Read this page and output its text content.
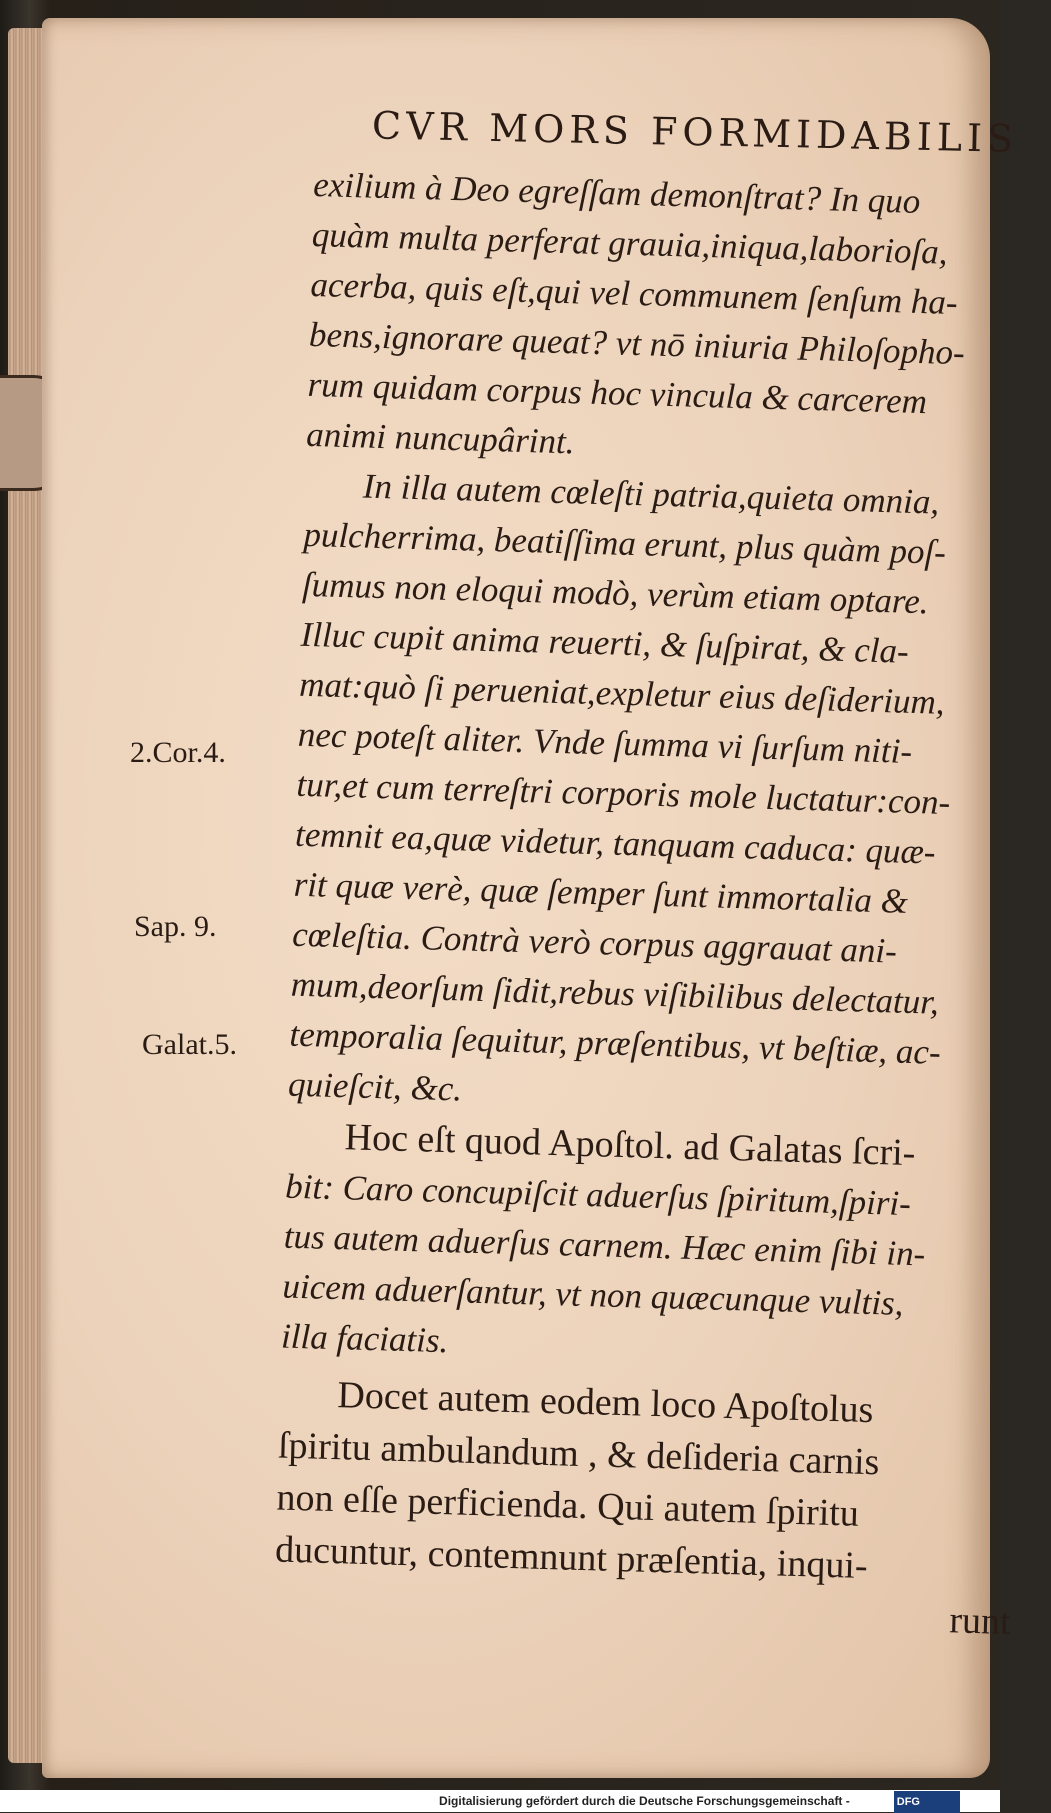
CVR MORS FORMIDABILIS
exilium à Deo egreſſam demonſtrat? In quo
quàm multa perferat grauia,iniqua,laborioſa,
acerba, quis eſt,qui vel communem ſenſum ha-
bens,ignorare queat? vt nō iniuria Philoſopho-
rum quidam corpus hoc vincula & carcerem
animi nuncupârint.
In illa autem cœleſti patria,quieta omnia,
pulcherrima, beatiſſima erunt, plus quàm poſ-
ſumus non eloqui modò, verùm etiam optare.
Illuc cupit anima reuerti, & ſuſpirat, & cla-
mat:quò ſi perueniat,expletur eius deſiderium,
nec poteſt aliter. Vnde ſumma vi ſurſum niti-
tur,et cum terreſtri corporis mole luctatur:con-
temnit ea,quæ videtur, tanquam caduca: quæ-
rit quæ verè, quæ ſemper ſunt immortalia &
cœleſtia. Contrà verò corpus aggrauat ani-
mum,deorſum ſidit,rebus viſibilibus delectatur,
temporalia ſequitur, præſentibus, vt beſtiæ, ac-
quieſcit, &c.
Hoc eſt quod Apoſtol. ad Galatas ſcri-
bit: Caro concupiſcit aduerſus ſpiritum,ſpiri-
tus autem aduerſus carnem. Hæc enim ſibi in-
uicem aduerſantur, vt non quæcunque vultis,
illa faciatis.
Docet autem eodem loco Apoſtolus
ſpiritu ambulandum , & deſideria carnis
non eſſe perficienda. Qui autem ſpiritu
ducuntur, contemnunt præſentia, inqui-
runt
2.Cor.4.
Sap. 9.
Galat.5.
Digitalisierung gefördert durch die Deutsche Forschungsgemeinschaft -	DFG
